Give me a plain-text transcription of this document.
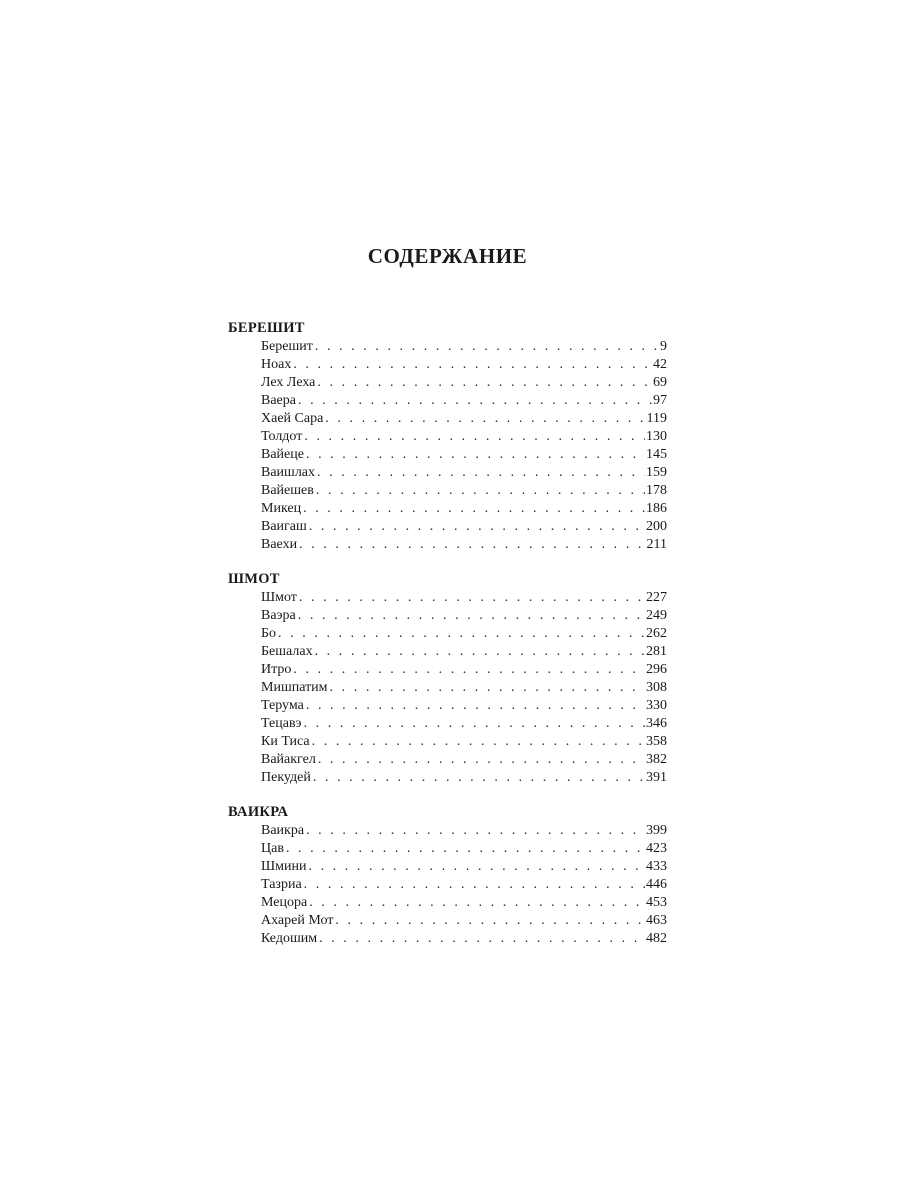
СОДЕРЖАНИЕ
БЕРЕШИТ
Берешит . . .	9
Ноах . . .	42
Лех Леха . . .	69
Ваера . . .	97
Хаей Сара . . .	119
Толдот . . .	130
Вайеце . . .	145
Ваишлах . . .	159
Вайешев . . .	178
Микец . . .	186
Ваигаш . . .	200
Ваехи . . .	211
ШМОТ
Шмот . . .	227
Ваэра . . .	249
Бо . . .	262
Бешалах . . .	281
Итро . . .	296
Мишпатим . . .	308
Терума . . .	330
Тецавэ . . .	346
Ки Тиса . . .	358
Вайакгел . . .	382
Пекудей . . .	391
ВАИКРА
Ваикра . . .	399
Цав . . .	423
Шмини . . .	433
Тазриа . . .	446
Мецора . . .	453
Ахарей Мот . . .	463
Кедошим . . .	482
